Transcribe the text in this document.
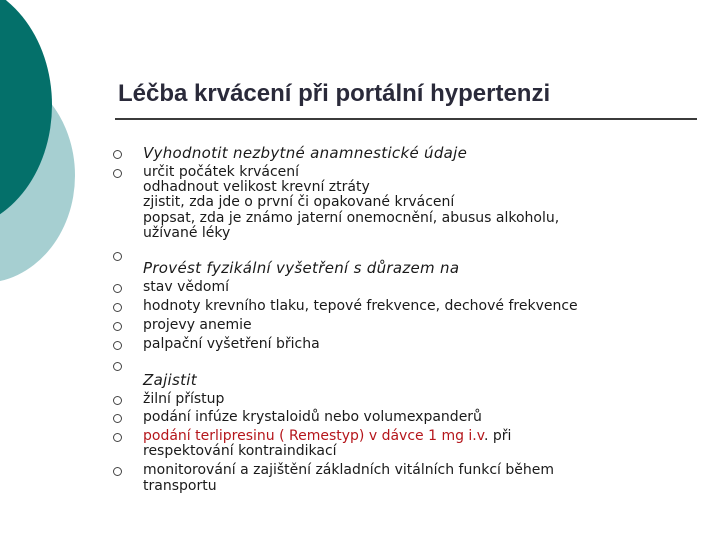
Léčba krvácení při portální hypertenzi
Vyhodnotit nezbytné anamnestické údaje
určit počátek krvácení
odhadnout velikost krevní ztráty
zjistit, zda jde o první či opakované krvácení
popsat, zda je známo jaterní onemocnění, abusus alkoholu,
užívané léky
Provést fyzikální vyšetření s důrazem na
stav vědomí
hodnoty krevního tlaku, tepové frekvence, dechové frekvence
projevy anemie
palpační vyšetření břicha
Zajistit
žilní přístup
podání infúze krystaloidů nebo volumexpanderů
podání terlipresinu ( Remestyp) v dávce 1 mg i.v. při
respektování kontraindikací
monitorování a zajištění základních vitálních funkcí během
transportu
